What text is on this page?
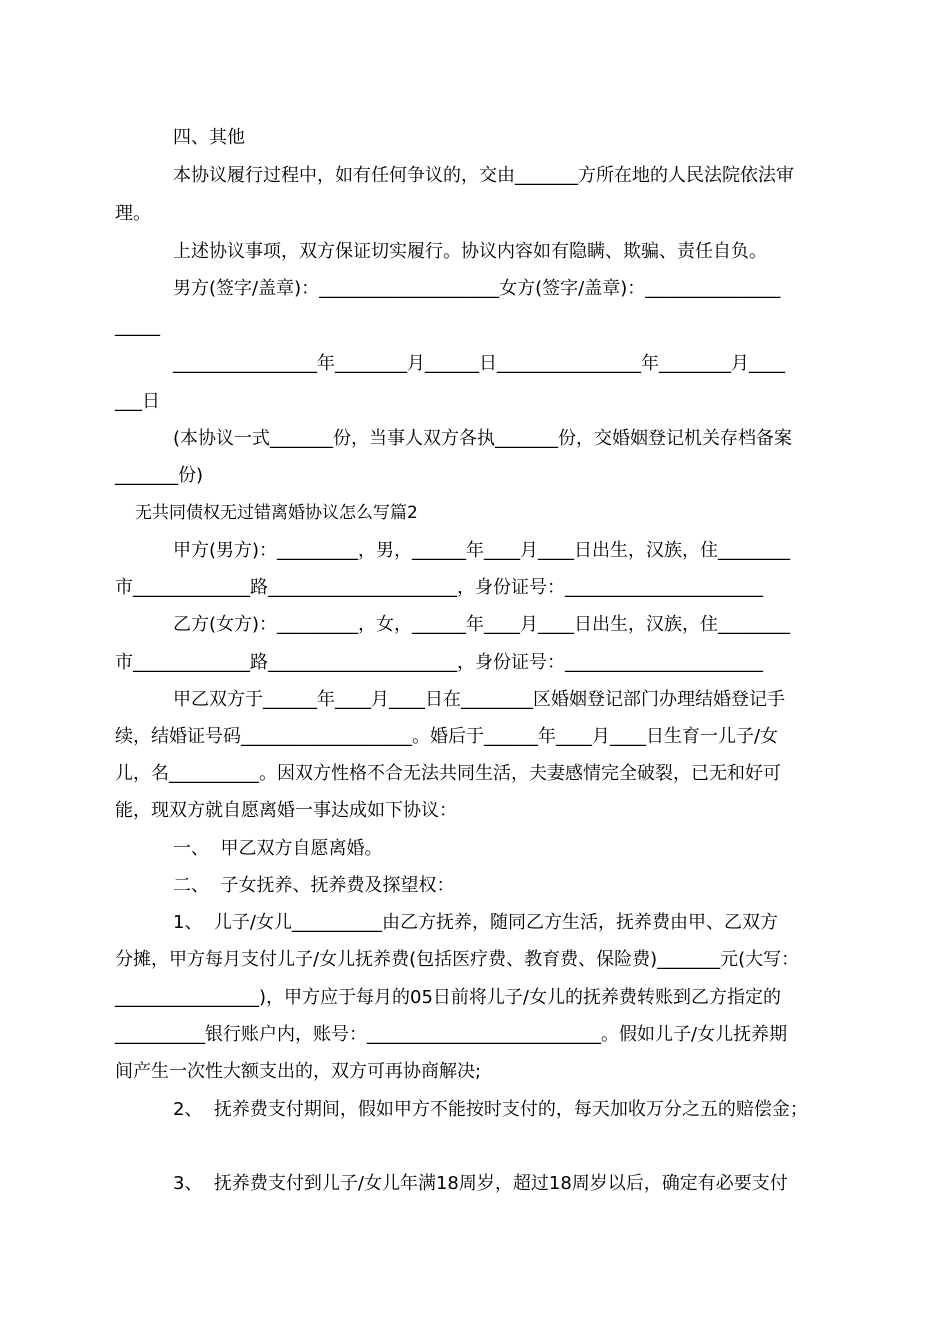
四、其他
本协议履行过程中，如有任何争议的，交由_______方所在地的人民法院依法审
理。
上述协议事项，双方保证切实履行。协议内容如有隐瞒、欺骗、责任自负。
男方(签字/盖章)：____________________女方(签字/盖章)：_______________
_____
________________年________月______日________________年________月____
___日
(本协议一式_______份，当事人双方各执_______份，交婚姻登记机关存档备案
_______份)
无共同债权无过错离婚协议怎么写篇2
甲方(男方)：_________，男，______年____月____日出生，汉族，住________
市_____________路_____________________，身份证号：______________________
乙方(女方)：_________，女，______年____月____日出生，汉族，住________
市_____________路_____________________，身份证号：______________________
甲乙双方于______年____月____日在________区婚姻登记部门办理结婚登记手
续，结婚证号码___________________。婚后于______年____月____日生育一儿子/女
儿，名__________。因双方性格不合无法共同生活，夫妻感情完全破裂，已无和好可
能，现双方就自愿离婚一事达成如下协议：
一、  甲乙双方自愿离婚。
二、  子女抚养、抚养费及探望权：
1、  儿子/女儿__________由乙方抚养，随同乙方生活，抚养费由甲、乙双方
分摊，甲方每月支付儿子/女儿抚养费(包括医疗费、教育费、保险费)_______元(大写：
________________)，甲方应于每月的05日前将儿子/女儿的抚养费转账到乙方指定的
__________银行账户内，账号：__________________________。假如儿子/女儿抚养期
间产生一次性大额支出的，双方可再协商解决;
2、  抚养费支付期间，假如甲方不能按时支付的，每天加收万分之五的赔偿金；
3、  抚养费支付到儿子/女儿年满18周岁，超过18周岁以后，确定有必要支付
